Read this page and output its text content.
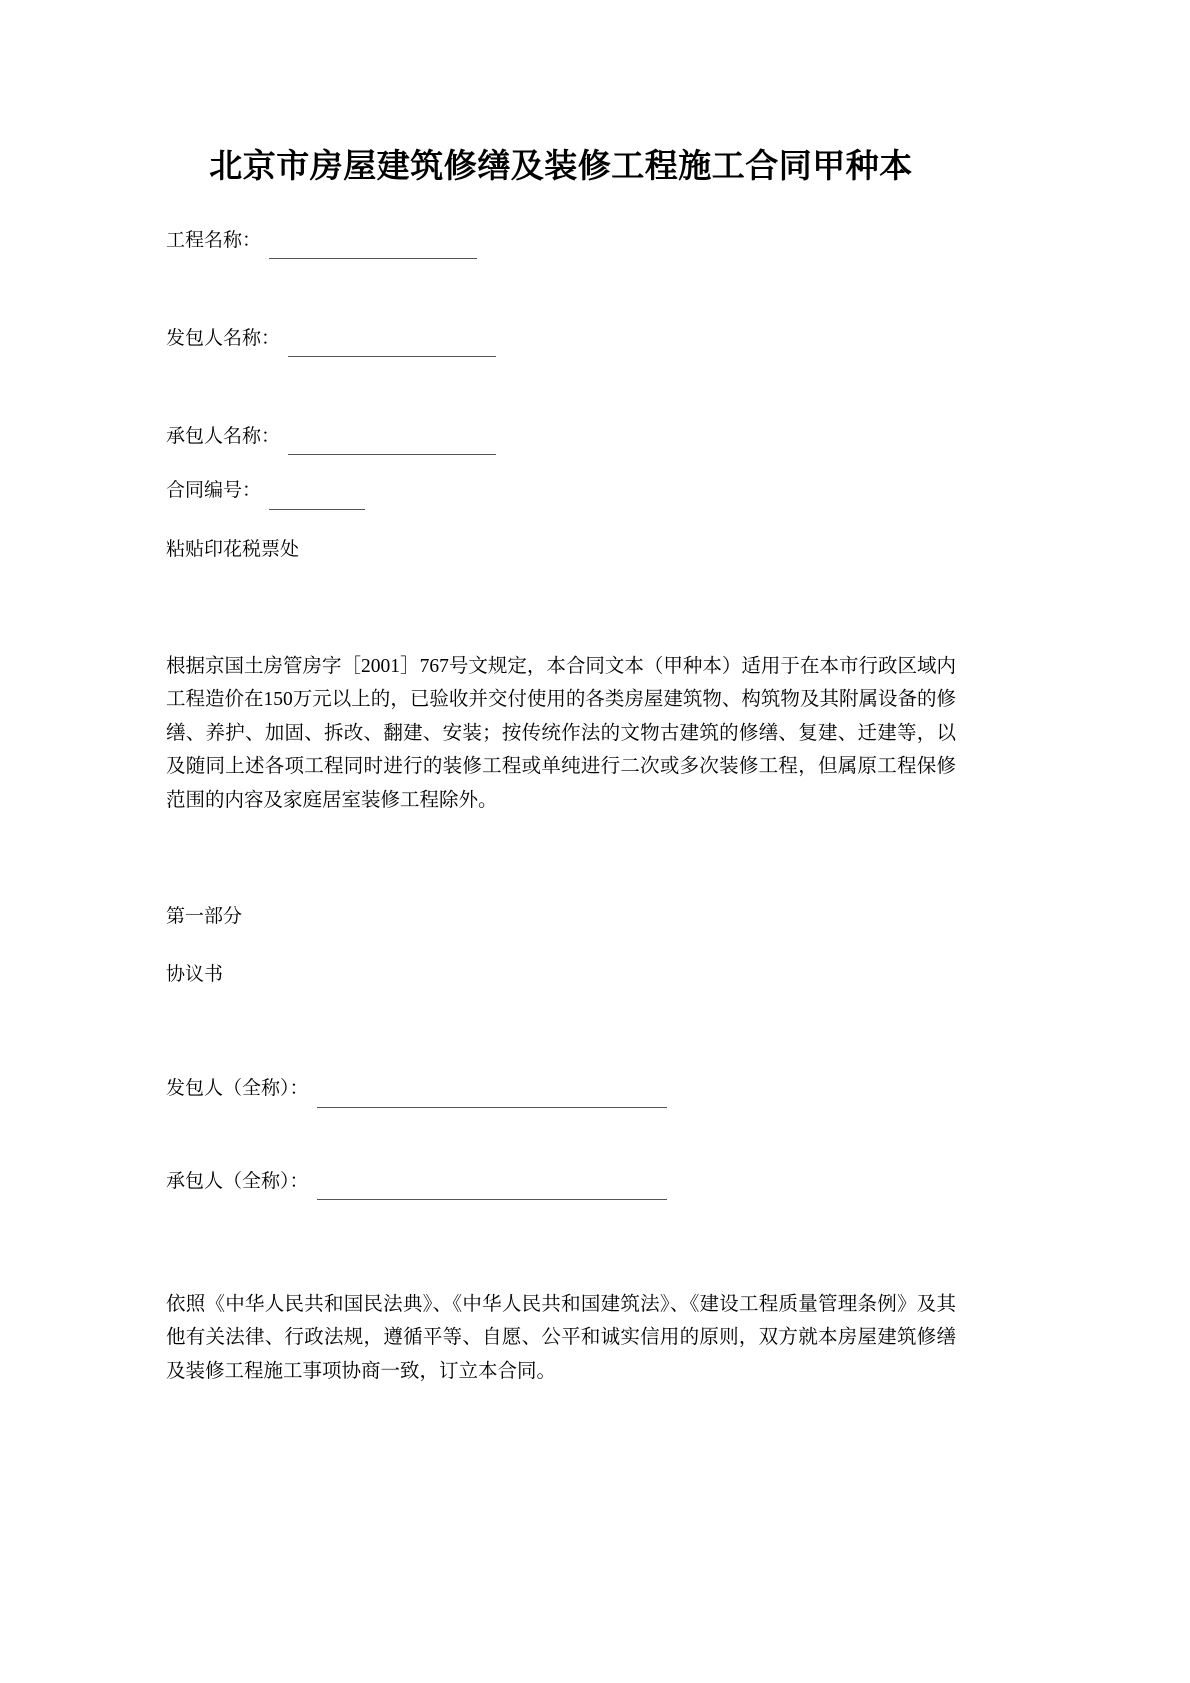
北京市房屋建筑修缮及装修工程施工合同甲种本
工程名称：
发包人名称：
承包人名称：
合同编号：
粘贴印花税票处

根据京国土房管房字［2001］767号文规定，本合同文本（甲种本）适用于在本市行政区域内工程造价在150万元以上的，已验收并交付使用的各类房屋建筑物、构筑物及其附属设备的修缮、养护、加固、拆改、翻建、安装；按传统作法的文物古建筑的修缮、复建、迁建等，以及随同上述各项工程同时进行的装修工程或单纯进行二次或多次装修工程，但属原工程保修范围的内容及家庭居室装修工程除外。

第一部分

协议书

发包人（全称）：
承包人（全称）：

依照《中华人民共和国民法典》、《中华人民共和国建筑法》、《建设工程质量管理条例》及其他有关法律、行政法规，遵循平等、自愿、公平和诚实信用的原则，双方就本房屋建筑修缮及装修工程施工事项协商一致，订立本合同。
